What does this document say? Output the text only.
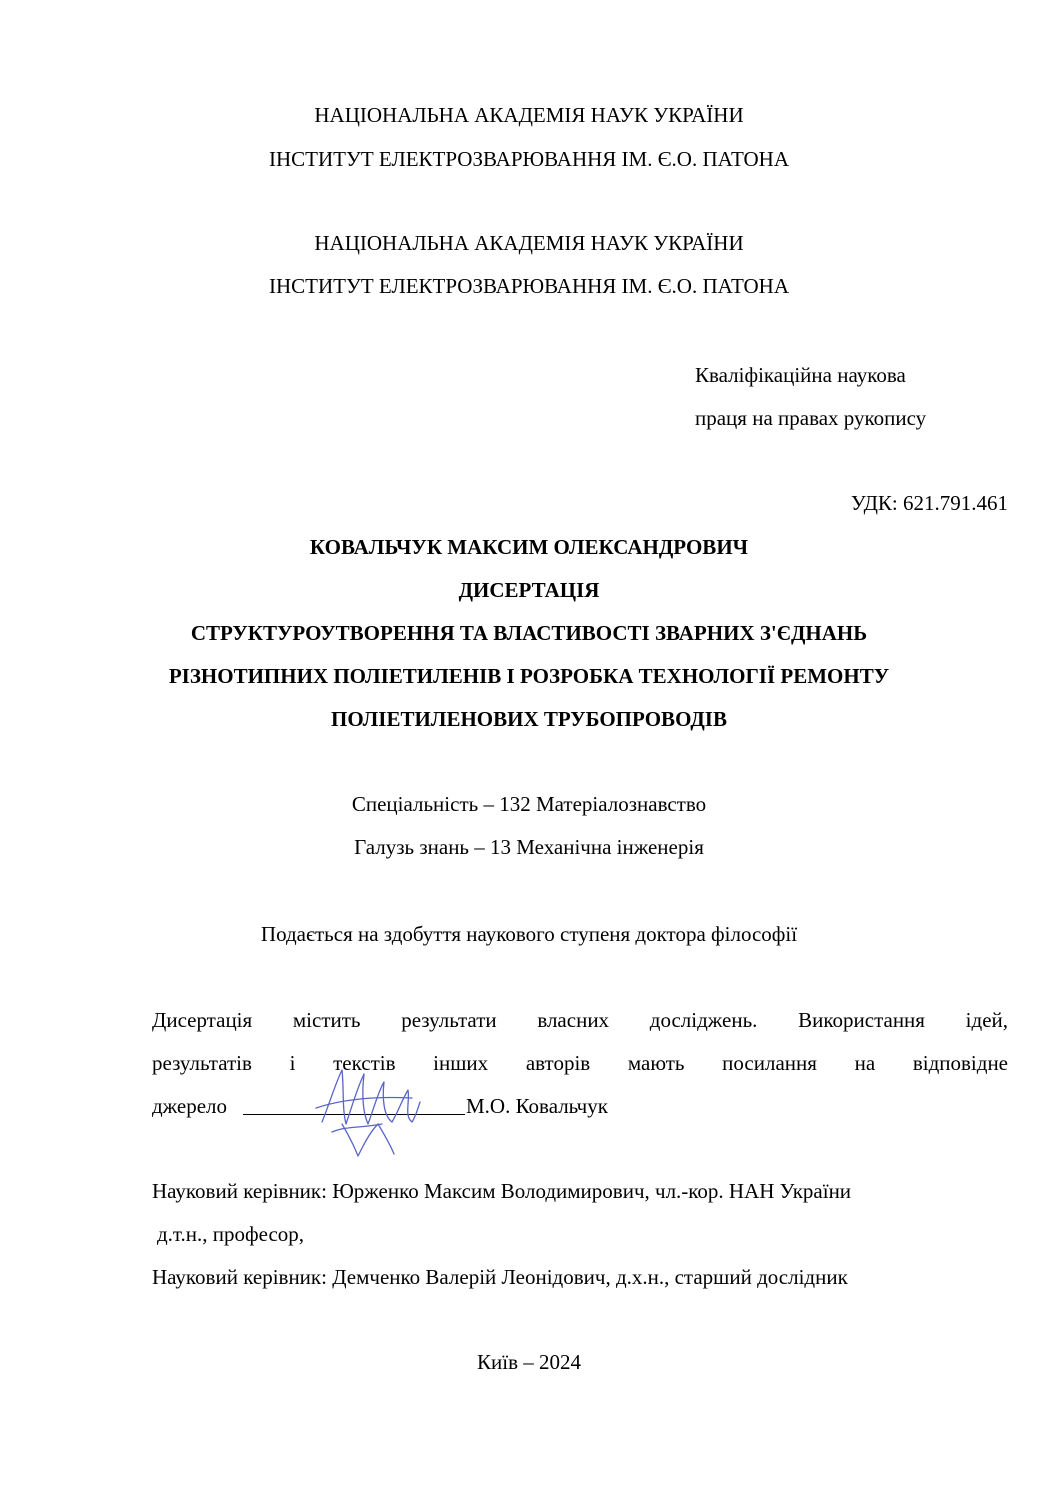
НАЦІОНАЛЬНА АКАДЕМІЯ НАУК УКРАЇНИ
ІНСТИТУТ ЕЛЕКТРОЗВАРЮВАННЯ ІМ. Є.О. ПАТОНА
НАЦІОНАЛЬНА АКАДЕМІЯ НАУК УКРАЇНИ
ІНСТИТУТ ЕЛЕКТРОЗВАРЮВАННЯ ІМ. Є.О. ПАТОНА
Кваліфікаційна наукова
праця на правах рукопису
УДК: 621.791.461
КОВАЛЬЧУК МАКСИМ ОЛЕКСАНДРОВИЧ
ДИСЕРТАЦІЯ
СТРУКТУРОУТВОРЕННЯ ТА ВЛАСТИВОСТІ ЗВАРНИХ З'ЄДНАНЬ
РІЗНОТИПНИХ ПОЛІЕТИЛЕНІВ І РОЗРОБКА ТЕХНОЛОГІЇ РЕМОНТУ
ПОЛІЕТИЛЕНОВИХ ТРУБОПРОВОДІВ
Спеціальність – 132 Матеріалознавство
Галузь знань – 13 Механічна інженерія
Подається на здобуття наукового ступеня доктора філософії
Дисертація містить результати власних досліджень. Використання ідей,
результатів і текстів інших авторів мають посилання на відповідне
джерело	М.О. Ковальчук
Науковий керівник: Юрженко Максим Володимирович, чл.-кор. НАН України
д.т.н., професор,
Науковий керівник: Демченко Валерій Леонідович, д.х.н., старший дослідник
Київ – 2024
